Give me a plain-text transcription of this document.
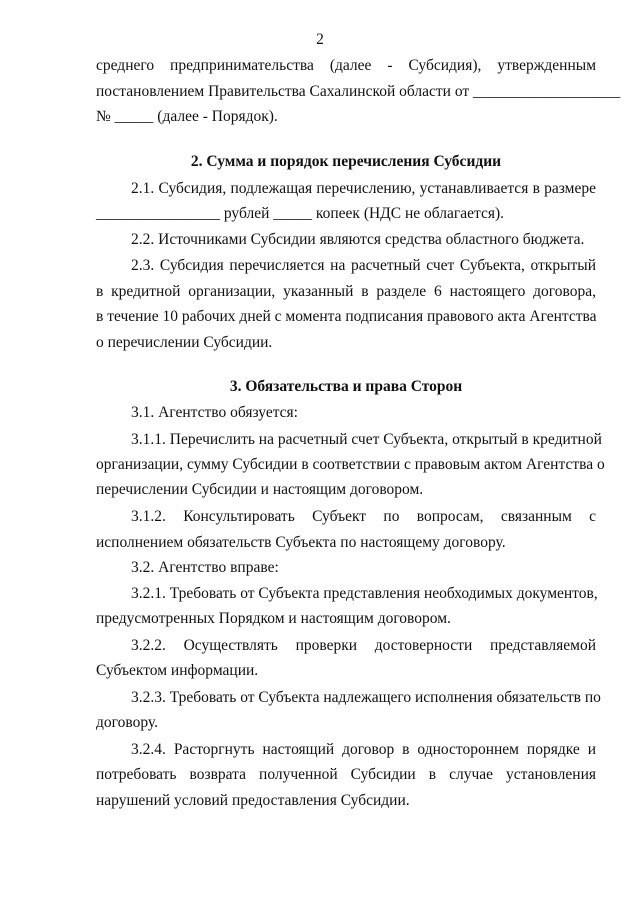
2
среднего предпринимательства (далее - Субсидия), утвержденным
постановлением Правительства Сахалинской области от ___________________
№ _____ (далее - Порядок).
2. Сумма и порядок перечисления Субсидии
2.1. Субсидия, подлежащая перечислению, устанавливается в размере
________________ рублей _____ копеек (НДС не облагается).
2.2. Источниками Субсидии являются средства областного бюджета.
2.3. Субсидия перечисляется на расчетный счет Субъекта, открытый
в кредитной организации, указанный в разделе 6 настоящего договора,
в течение 10 рабочих дней с момента подписания правового акта Агентства
о перечислении Субсидии.
3. Обязательства и права Сторон
3.1. Агентство обязуется:
3.1.1. Перечислить на расчетный счет Субъекта, открытый в кредитной
организации, сумму Субсидии в соответствии с правовым актом Агентства о
перечислении Субсидии и настоящим договором.
3.1.2. Консультировать Субъект по вопросам, связанным с
исполнением обязательств Субъекта по настоящему договору.
3.2. Агентство вправе:
3.2.1. Требовать от Субъекта представления необходимых документов,
предусмотренных Порядком и настоящим договором.
3.2.2. Осуществлять проверки достоверности представляемой
Субъектом информации.
3.2.3. Требовать от Субъекта надлежащего исполнения обязательств по
договору.
3.2.4. Расторгнуть настоящий договор в одностороннем порядке и
потребовать возврата полученной Субсидии в случае установления
нарушений условий предоставления Субсидии.
